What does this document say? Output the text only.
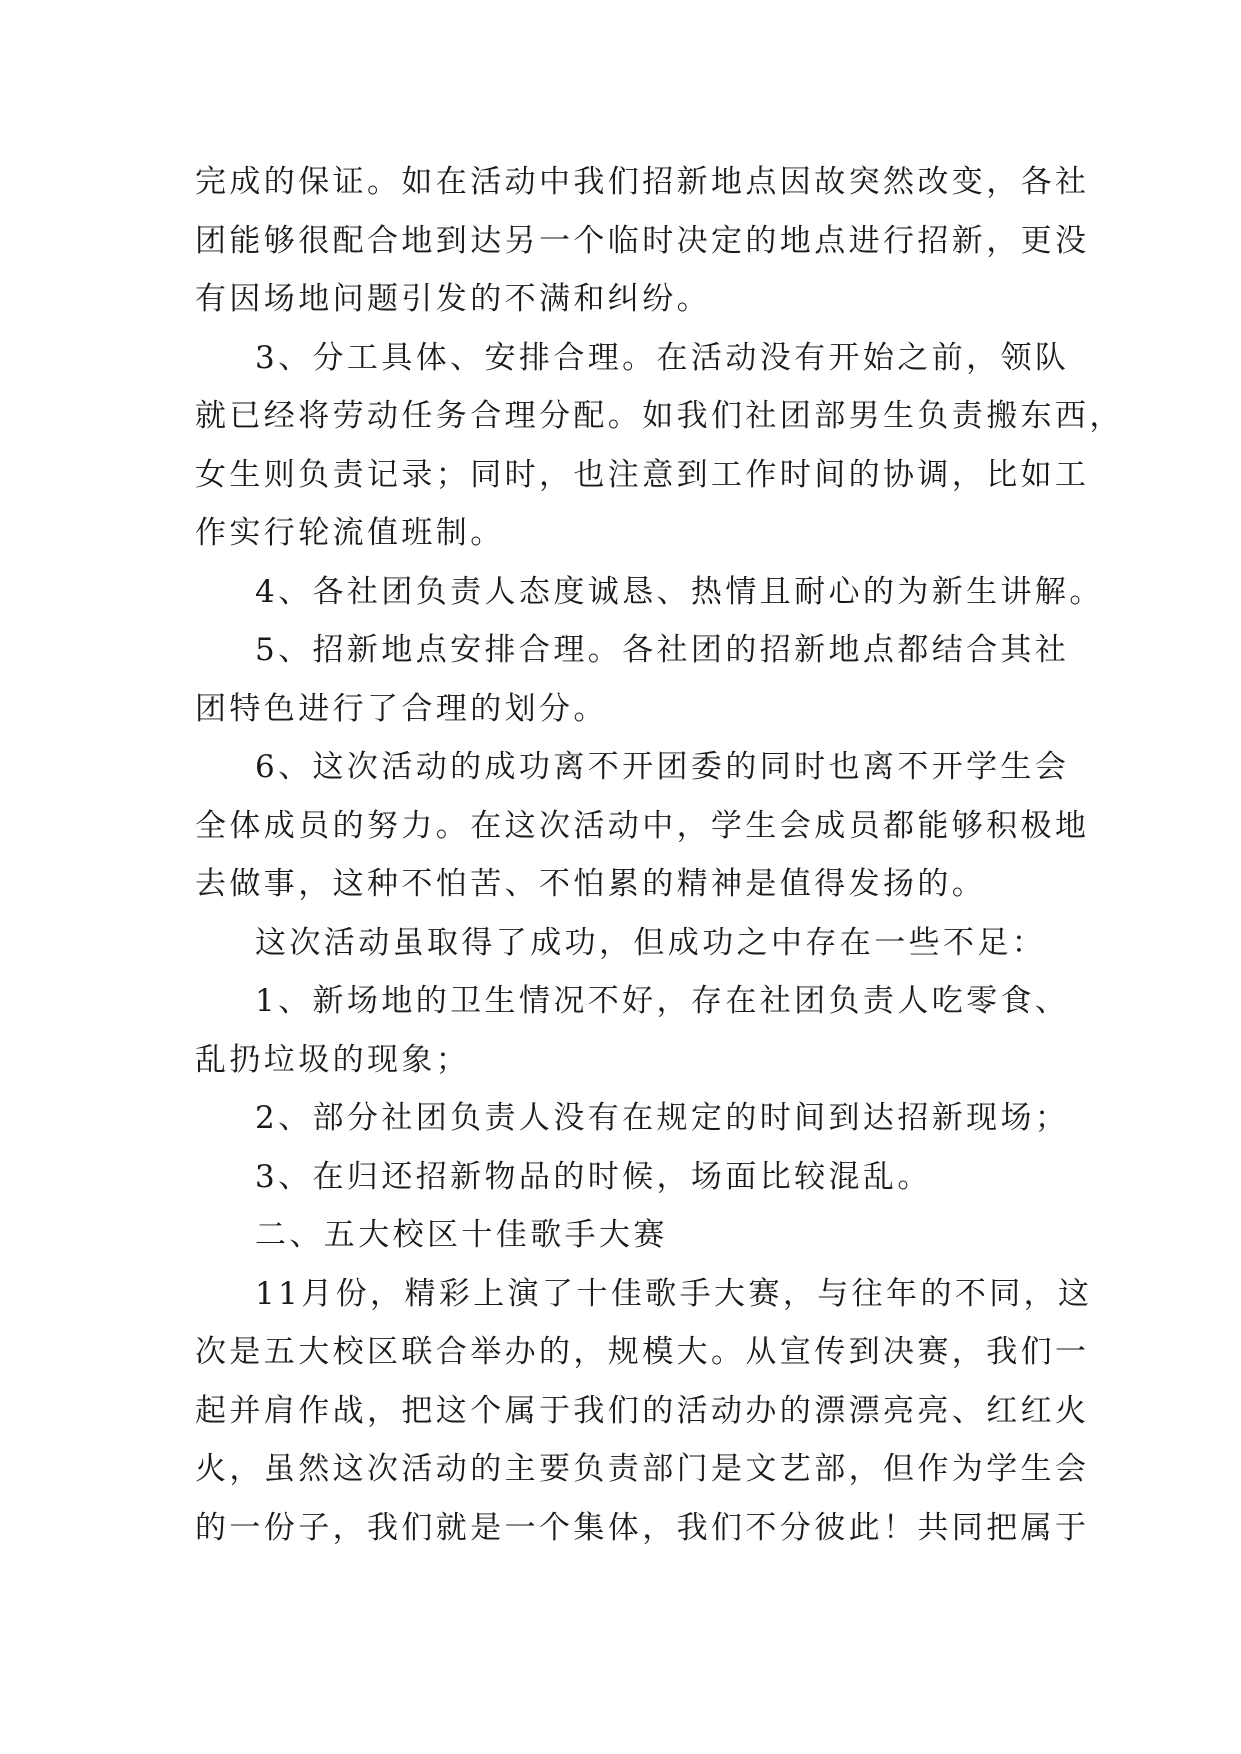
完成的保证。如在活动中我们招新地点因故突然改变，各社
团能够很配合地到达另一个临时决定的地点进行招新，更没
有因场地问题引发的不满和纠纷。
3、分工具体、安排合理。在活动没有开始之前，领队
就已经将劳动任务合理分配。如我们社团部男生负责搬东西，
女生则负责记录；同时，也注意到工作时间的协调，比如工
作实行轮流值班制。
4、各社团负责人态度诚恳、热情且耐心的为新生讲解。
5、招新地点安排合理。各社团的招新地点都结合其社
团特色进行了合理的划分。
6、这次活动的成功离不开团委的同时也离不开学生会
全体成员的努力。在这次活动中，学生会成员都能够积极地
去做事，这种不怕苦、不怕累的精神是值得发扬的。
这次活动虽取得了成功，但成功之中存在一些不足：
1、新场地的卫生情况不好，存在社团负责人吃零食、
乱扔垃圾的现象；
2、部分社团负责人没有在规定的时间到达招新现场；
3、在归还招新物品的时候，场面比较混乱。
二、五大校区十佳歌手大赛
11月份，精彩上演了十佳歌手大赛，与往年的不同，这
次是五大校区联合举办的，规模大。从宣传到决赛，我们一
起并肩作战，把这个属于我们的活动办的漂漂亮亮、红红火
火，虽然这次活动的主要负责部门是文艺部，但作为学生会
的一份子，我们就是一个集体，我们不分彼此！共同把属于
